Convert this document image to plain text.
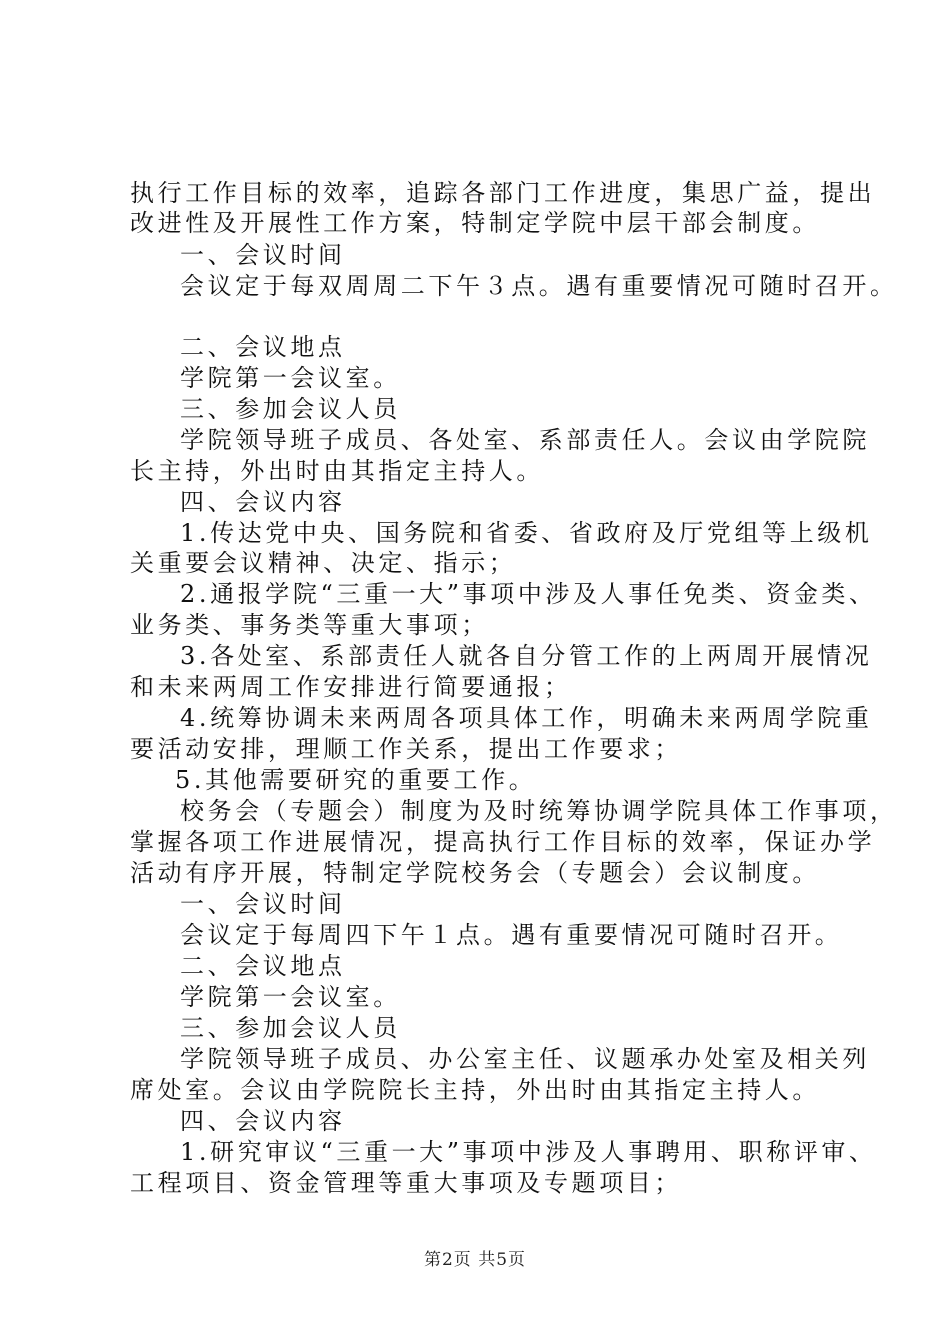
执行工作目标的效率，追踪各部门工作进度，集思广益，提出
改进性及开展性工作方案，特制定学院中层干部会制度。
一、会议时间
会议定于每双周周二下午３点。遇有重要情况可随时召开。
二、会议地点
学院第一会议室。
三、参加会议人员
学院领导班子成员、各处室、系部责任人。会议由学院院
长主持，外出时由其指定主持人。
四、会议内容
1.传达党中央、国务院和省委、省政府及厅党组等上级机
关重要会议精神、决定、指示；
2.通报学院“三重一大”事项中涉及人事任免类、资金类、
业务类、事务类等重大事项；
3.各处室、系部责任人就各自分管工作的上两周开展情况
和未来两周工作安排进行简要通报；
4.统筹协调未来两周各项具体工作，明确未来两周学院重
要活动安排，理顺工作关系，提出工作要求；
5.其他需要研究的重要工作。
校务会（专题会）制度为及时统筹协调学院具体工作事项，
掌握各项工作进展情况，提高执行工作目标的效率，保证办学
活动有序开展，特制定学院校务会（专题会）会议制度。
一、会议时间
会议定于每周四下午１点。遇有重要情况可随时召开。
二、会议地点
学院第一会议室。
三、参加会议人员
学院领导班子成员、办公室主任、议题承办处室及相关列
席处室。会议由学院院长主持，外出时由其指定主持人。
四、会议内容
1.研究审议“三重一大”事项中涉及人事聘用、职称评审、
工程项目、资金管理等重大事项及专题项目；
第2页 共5页
